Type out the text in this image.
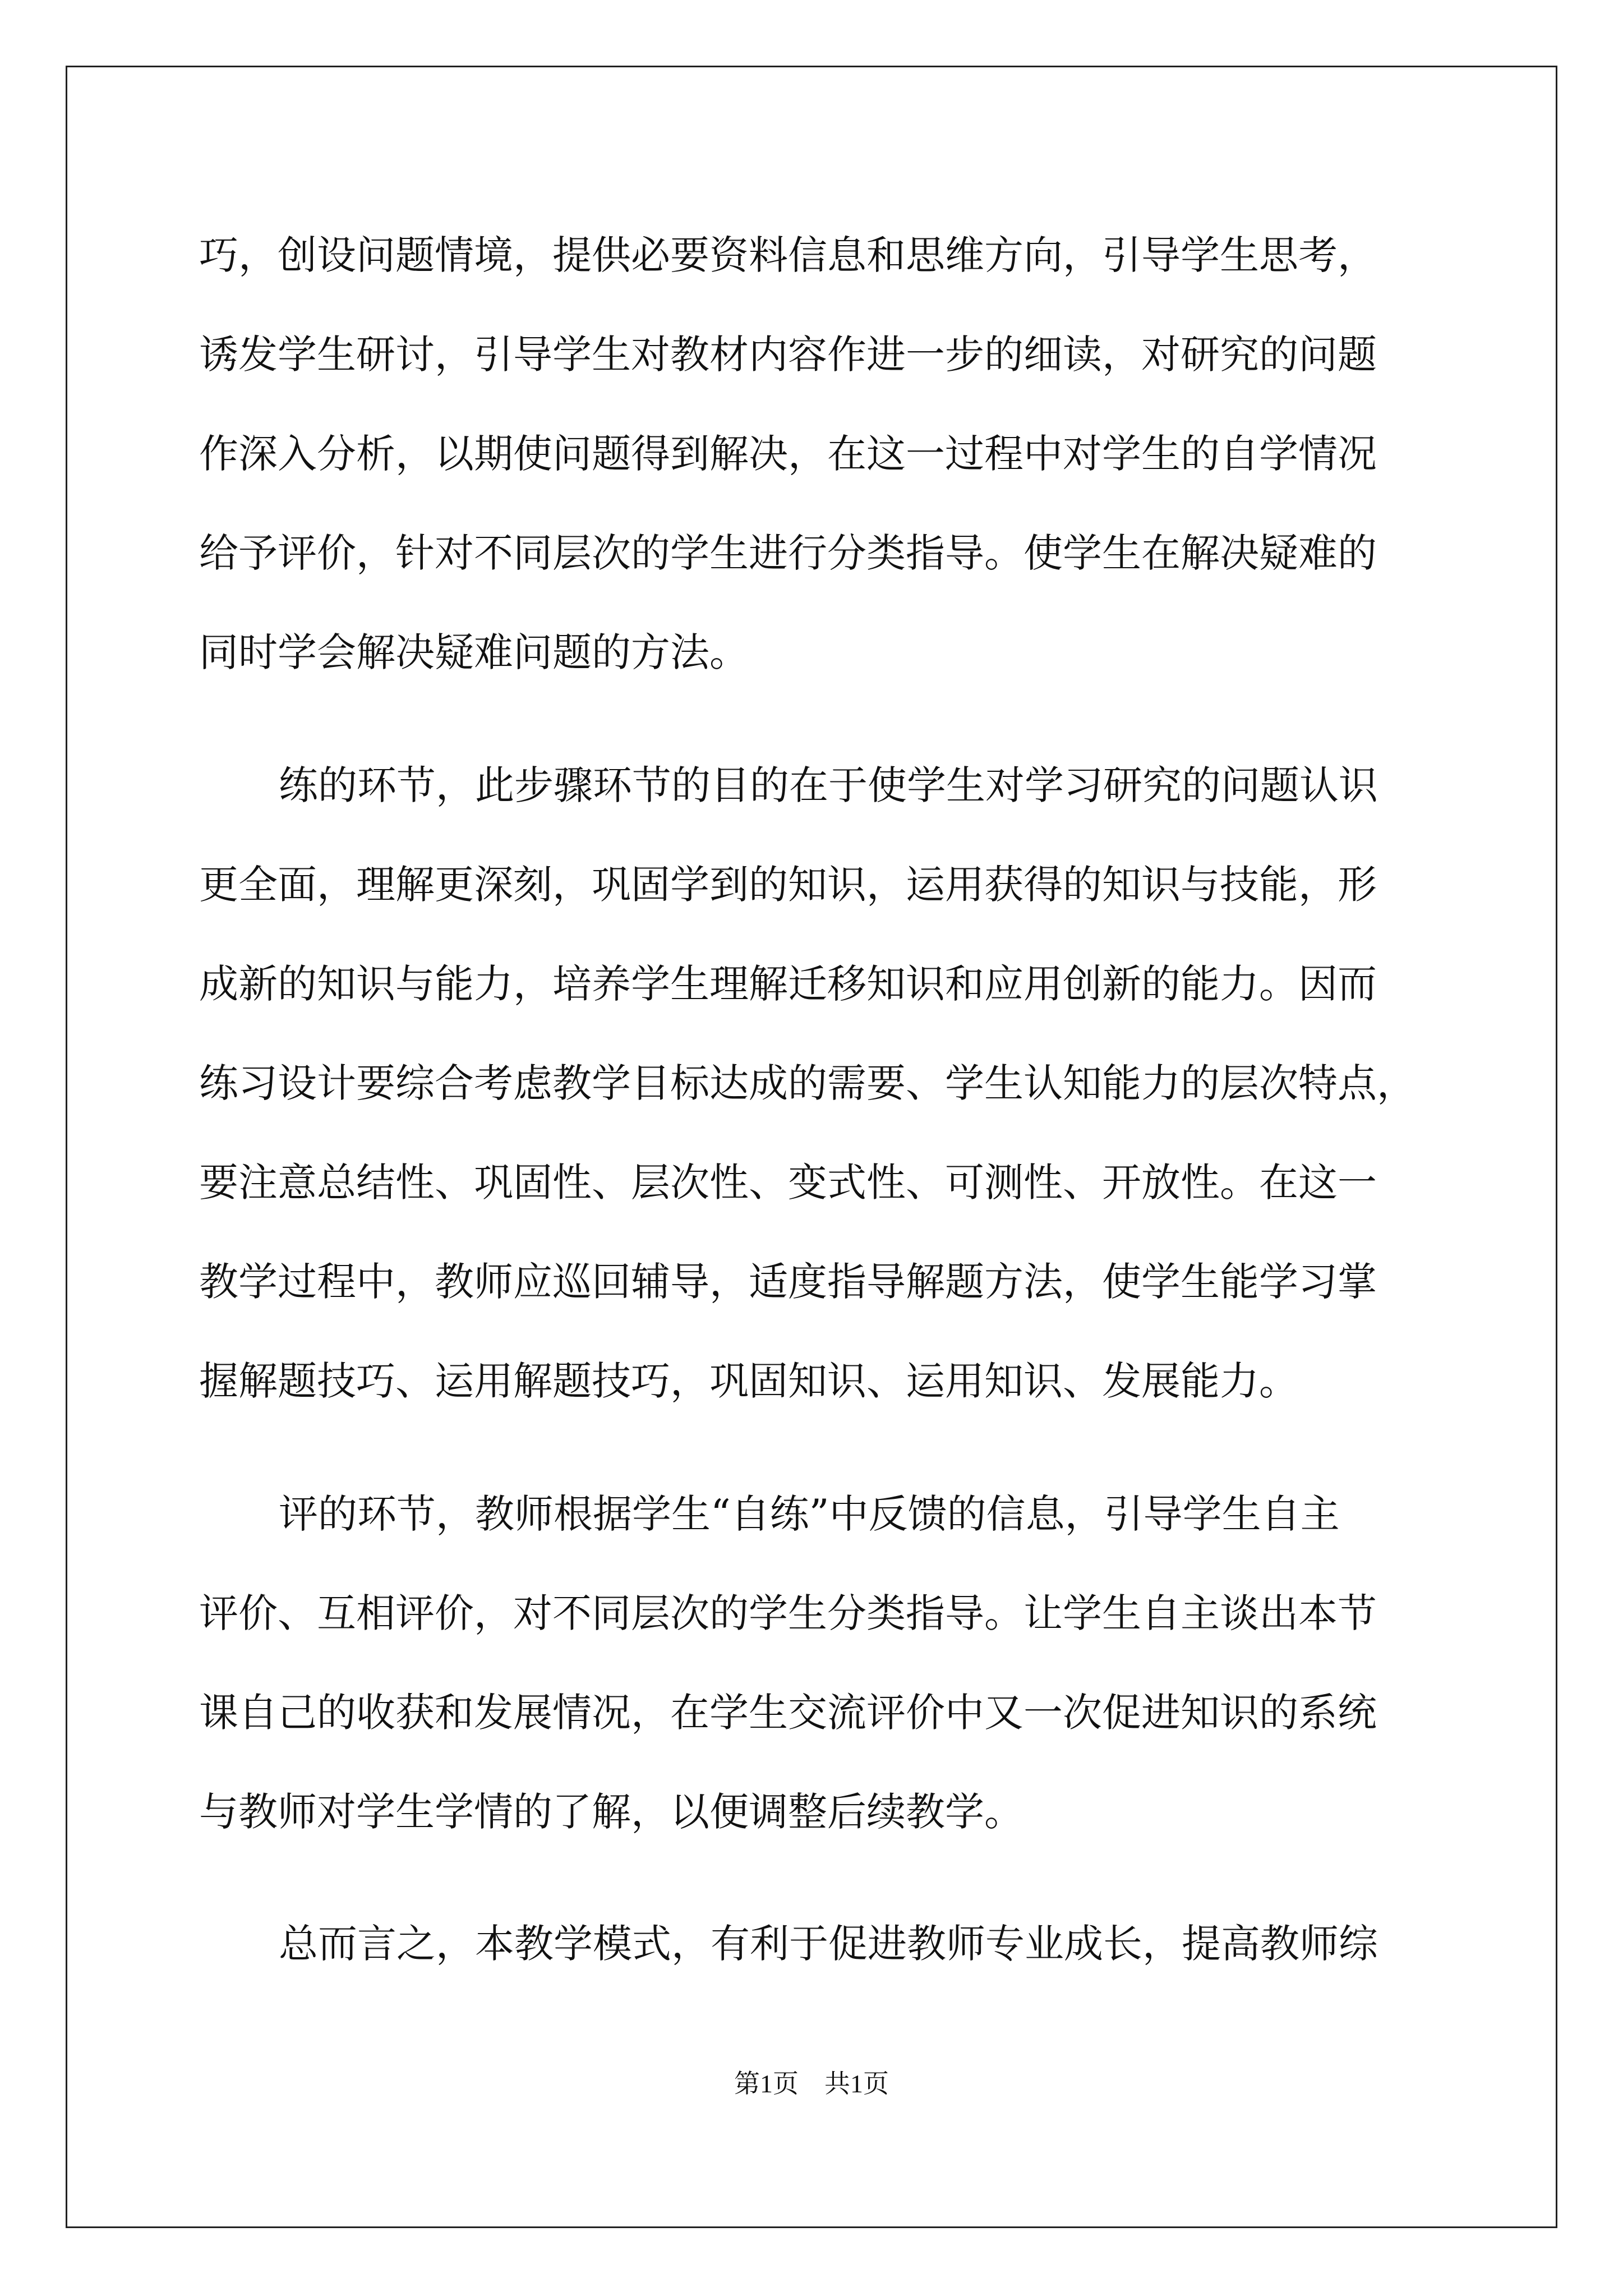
巧，创设问题情境，提供必要资料信息和思维方向，引导学生思考，
诱发学生研讨，引导学生对教材内容作进一步的细读，对研究的问题
作深入分析，以期使问题得到解决，在这一过程中对学生的自学情况
给予评价，针对不同层次的学生进行分类指导。使学生在解决疑难的
同时学会解决疑难问题的方法。
练的环节，此步骤环节的目的在于使学生对学习研究的问题认识
更全面，理解更深刻，巩固学到的知识，运用获得的知识与技能，形
成新的知识与能力，培养学生理解迁移知识和应用创新的能力。因而
练习设计要综合考虑教学目标达成的需要、学生认知能力的层次特点，
要注意总结性、巩固性、层次性、变式性、可测性、开放性。在这一
教学过程中，教师应巡回辅导，适度指导解题方法，使学生能学习掌
握解题技巧、运用解题技巧，巩固知识、运用知识、发展能力。
评的环节，教师根据学生“自练”中反馈的信息，引导学生自主
评价、互相评价，对不同层次的学生分类指导。让学生自主谈出本节
课自己的收获和发展情况，在学生交流评价中又一次促进知识的系统
与教师对学生学情的了解，以便调整后续教学。
总而言之，本教学模式，有利于促进教师专业成长，提高教师综
第1页　共1页
